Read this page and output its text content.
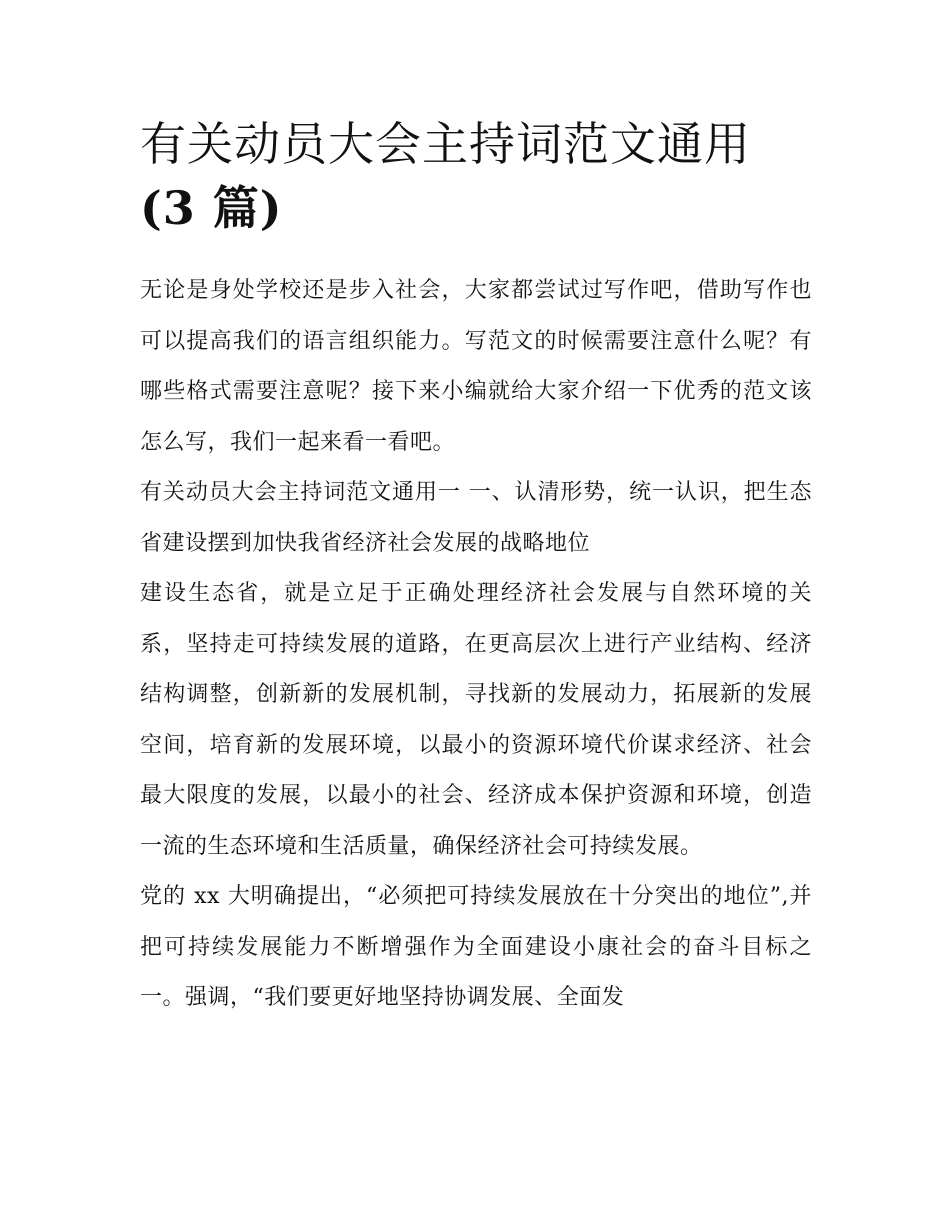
有关动员大会主持词范文通用
(3 篇)

无论是身处学校还是步入社会，大家都尝试过写作吧，借助写作也可以提高我们的语言组织能力。写范文的时候需要注意什么呢？有哪些格式需要注意呢？接下来小编就给大家介绍一下优秀的范文该怎么写，我们一起来看一看吧。

有关动员大会主持词范文通用一 一、认清形势，统一认识，把生态省建设摆到加快我省经济社会发展的战略地位

建设生态省，就是立足于正确处理经济社会发展与自然环境的关系，坚持走可持续发展的道路，在更高层次上进行产业结构、经济结构调整，创新新的发展机制，寻找新的发展动力，拓展新的发展空间，培育新的发展环境，以最小的资源环境代价谋求经济、社会最大限度的发展，以最小的社会、经济成本保护资源和环境，创造一流的生态环境和生活质量，确保经济社会可持续发展。

党的 xx 大明确提出，“必须把可持续发展放在十分突出的地位”,并把可持续发展能力不断增强作为全面建设小康社会的奋斗目标之一。强调，“我们要更好地坚持协调发展、全面发
